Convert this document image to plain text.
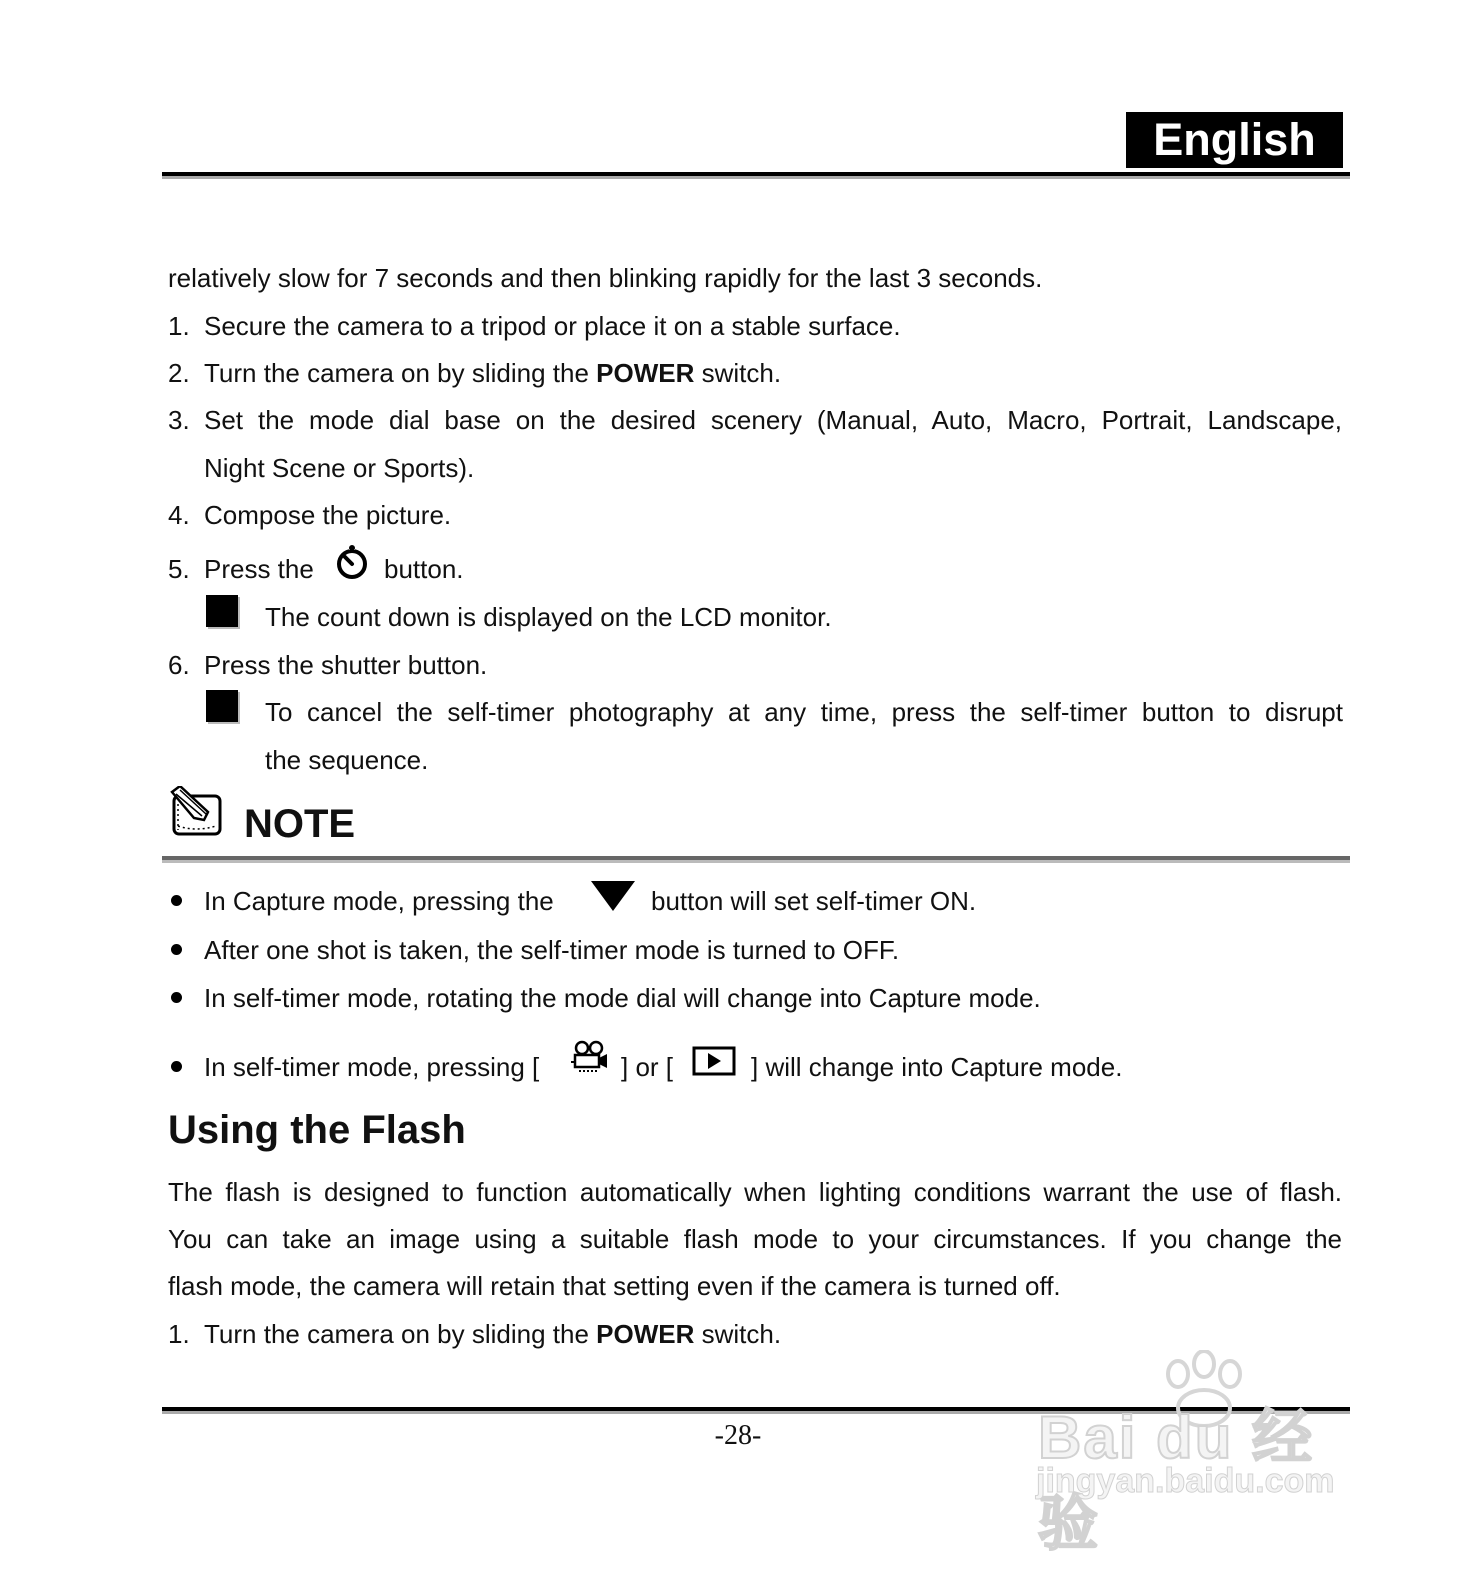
English
relatively slow for 7 seconds and then blinking rapidly for the last 3 seconds.
1. Secure the camera to a tripod or place it on a stable surface.
2. Turn the camera on by sliding the POWER switch.
3. Set the mode dial base on the desired scenery (Manual, Auto, Macro, Portrait, Landscape,
Night Scene or Sports).
4. Compose the picture.
5. Press the	button.
The count down is displayed on the LCD monitor.
6. Press the shutter button.
To cancel the self-timer photography at any time, press the self-timer button to disrupt
the sequence.
NOTE
In Capture mode, pressing the	button will set self-timer ON.
After one shot is taken, the self-timer mode is turned to OFF.
In self-timer mode, rotating the mode dial will change into Capture mode.
In self-timer mode, pressing [	] or [	] will change into Capture mode.
Using the Flash
The flash is designed to function automatically when lighting conditions warrant the use of flash.
You can take an image using a suitable flash mode to your circumstances. If you change the
flash mode, the camera will retain that setting even if the camera is turned off.
1. Turn the camera on by sliding the POWER switch.
-28-	Bai du 经验
jingyan.baidu.com
